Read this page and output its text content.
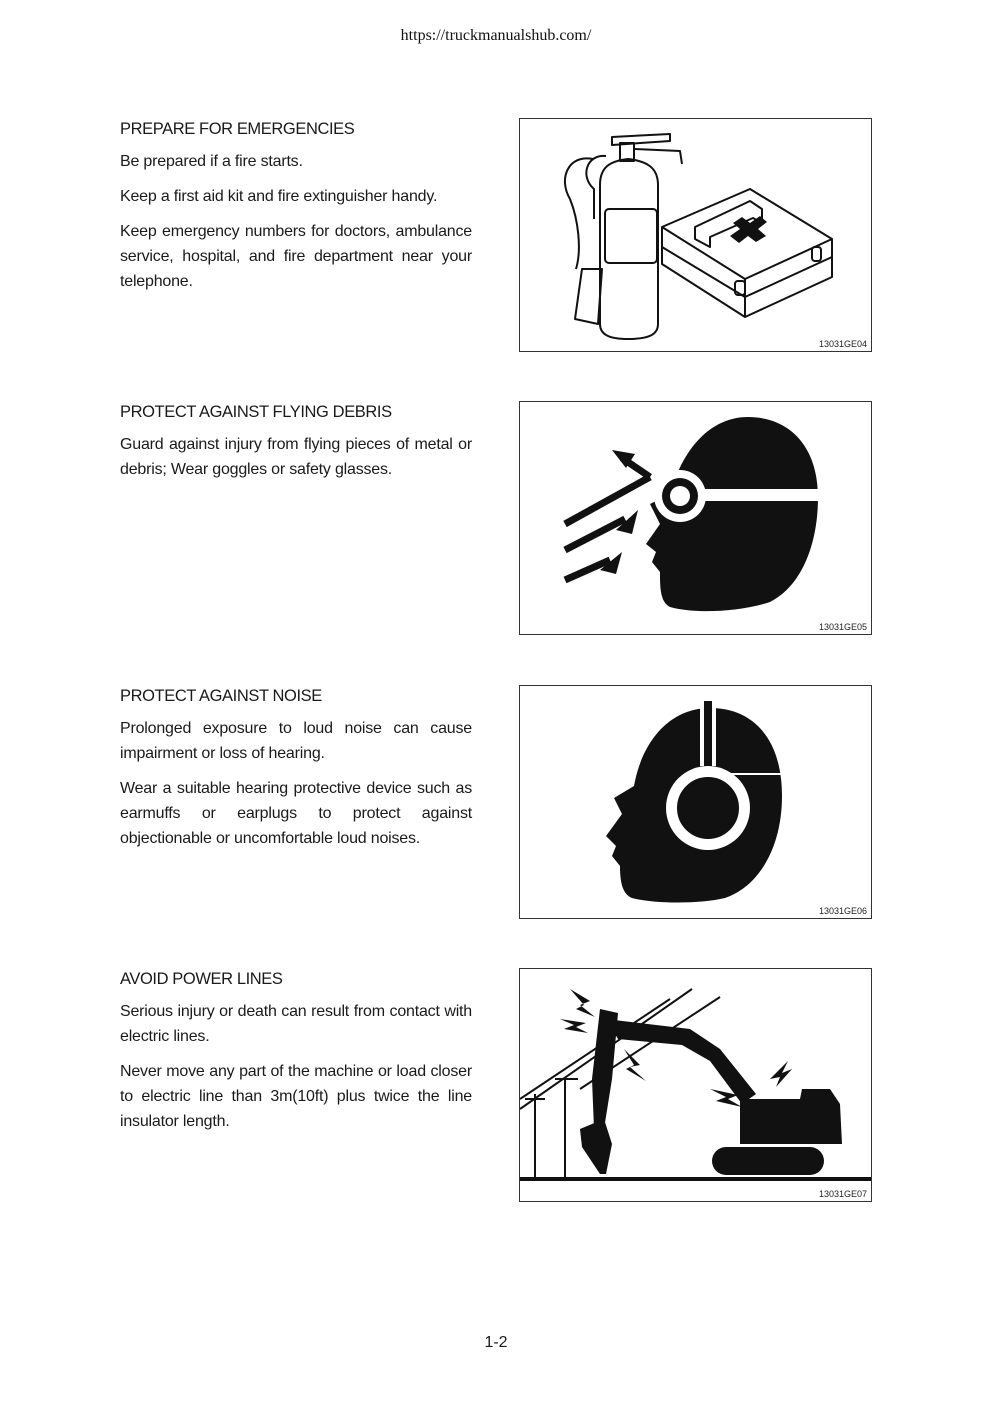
https://truckmanualshub.com/
PREPARE FOR EMERGENCIES

Be prepared if a fire starts.

Keep a first aid kit and fire extinguisher handy.

Keep emergency numbers for doctors, ambulance service, hospital, and fire department near your telephone.

13031GE04
PROTECT AGAINST FLYING DEBRIS

Guard against injury from flying pieces of metal or debris; Wear goggles or safety glasses.

13031GE05
PROTECT AGAINST NOISE

Prolonged exposure to loud noise can cause impairment or loss of hearing.

Wear a suitable hearing protective device such as earmuffs or earplugs to protect against objectionable or uncomfortable loud noises.

13031GE06
AVOID POWER LINES

Serious injury or death can result from contact with electric lines.

Never move any part of the machine or load closer to electric line than 3m(10ft) plus twice the line insulator length.

13031GE07
1-2
